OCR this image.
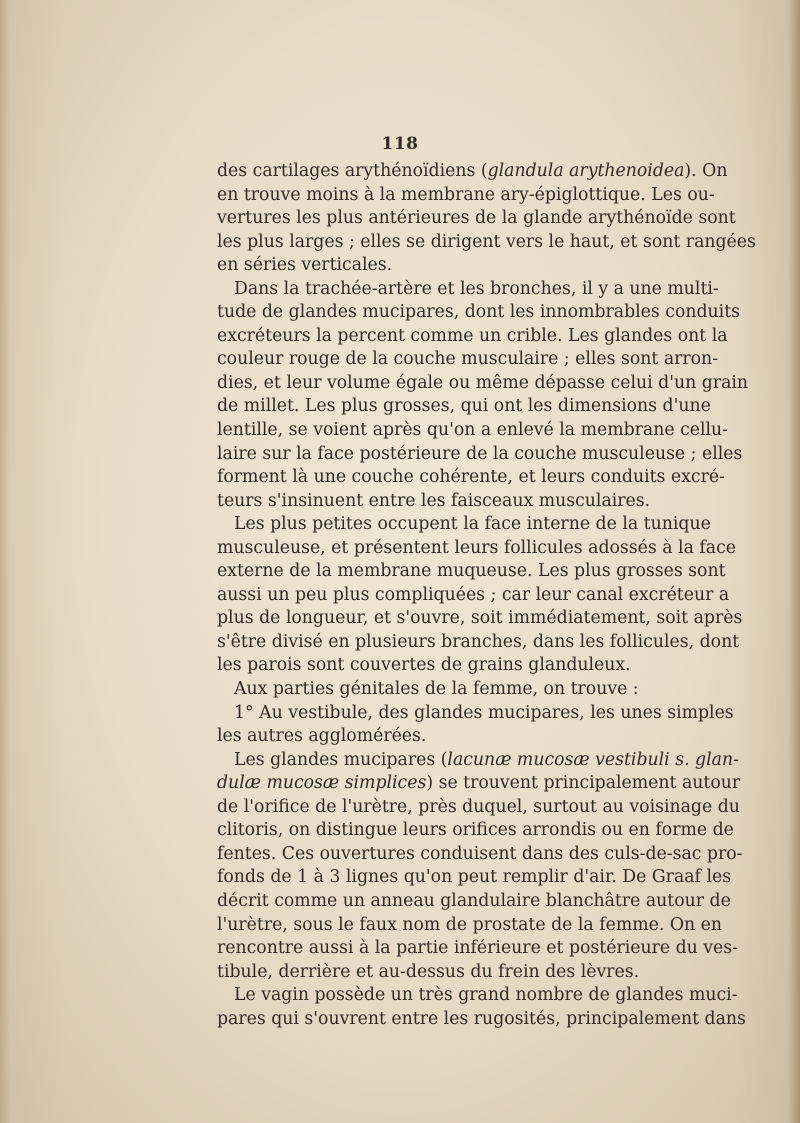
118
des cartilages arythénoïdiens (glandula arythenoidea). On
en trouve moins à la membrane ary-épiglottique. Les ou-
vertures les plus antérieures de la glande arythénoïde sont
les plus larges ; elles se dirigent vers le haut, et sont rangées
en séries verticales.
Dans la trachée-artère et les bronches, il y a une multi-
tude de glandes mucipares, dont les innombrables conduits
excréteurs la percent comme un crible. Les glandes ont la
couleur rouge de la couche musculaire ; elles sont arron-
dies, et leur volume égale ou même dépasse celui d'un grain
de millet. Les plus grosses, qui ont les dimensions d'une
lentille, se voient après qu'on a enlevé la membrane cellu-
laire sur la face postérieure de la couche musculeuse ; elles
forment là une couche cohérente, et leurs conduits excré-
teurs s'insinuent entre les faisceaux musculaires.
Les plus petites occupent la face interne de la tunique
musculeuse, et présentent leurs follicules adossés à la face
externe de la membrane muqueuse. Les plus grosses sont
aussi un peu plus compliquées ; car leur canal excréteur a
plus de longueur, et s'ouvre, soit immédiatement, soit après
s'être divisé en plusieurs branches, dans les follicules, dont
les parois sont couvertes de grains glanduleux.
Aux parties génitales de la femme, on trouve :
1° Au vestibule, des glandes mucipares, les unes simples
les autres agglomérées.
Les glandes mucipares (lacunæ mucosæ vestibuli s. glan-
dulæ mucosæ simplices) se trouvent principalement autour
de l'orifice de l'urètre, près duquel, surtout au voisinage du
clitoris, on distingue leurs orifices arrondis ou en forme de
fentes. Ces ouvertures conduisent dans des culs-de-sac pro-
fonds de 1 à 3 lignes qu'on peut remplir d'air. De Graaf les
décrit comme un anneau glandulaire blanchâtre autour de
l'urètre, sous le faux nom de prostate de la femme. On en
rencontre aussi à la partie inférieure et postérieure du ves-
tibule, derrière et au-dessus du frein des lèvres.
Le vagin possède un très grand nombre de glandes muci-
pares qui s'ouvrent entre les rugosités, principalement dans
